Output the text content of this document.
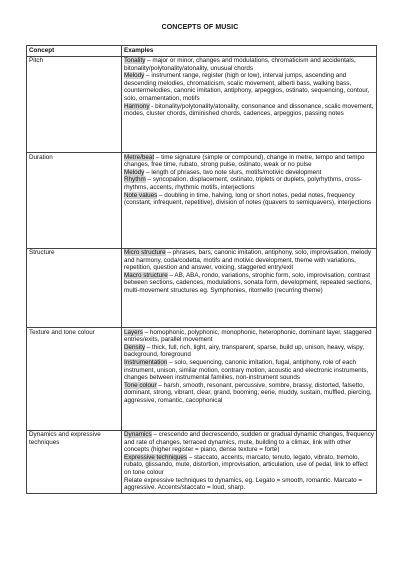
CONCEPTS OF MUSIC
Concept	Examples
Pitch	Tonality – major or minor, changes and modulations, chromaticism and accidentals, bitonality/polytonality/atonality, unusual chords
Melody – instrument range, register (high or low), interval jumps, ascending and descending melodies, chromaticism, scalic movement, alberti bass, walking bass, countermelodies, canonic imitation, antiphony, arpeggios, ostinato, sequencing, contour, solo, ornamentation, motifs
Harmony - bitonality/polytonality/atonality, consonance and dissonance, scalic movement, modes, cluster chords, diminished chords, cadences, arpeggios, passing notes

Duration	Metre/beat – time signature (simple or compound), change in metre, tempo and tempo changes, free time, rubato, strong pulse, ostinato, weak or no pulse
Melody – length of phrases, two note slurs, motifs/motivic development
Rhythm – syncopation, displacement, ostinato, triplets or duplets, polyrhythms, cross-rhythms, accents, rhythmic motifs, interjections
Note values – doubling in time, halving, long or short notes, pedal notes, frequency (constant, infrequent, repetitive), division of notes (quavers to semiquavers), interjections

Structure	Micro structure – phrases, bars, canonic imitation, antiphony, solo, improvisation, melody and harmony, coda/codetta, motifs and motivic development, theme with variations, repetition, question and answer, voicing, staggered entry/exit
Macro structure – AB, ABA, rondo, variations, strophic form, solo, improvisation, contrast between sections, cadences, modulations, sonata form, development, repeated sections, multi-movement structures eg. Symphonies, ritornello (recurring theme)

Texture and tone colour	Layers – homophonic, polyphonic, monophonic, heterophonic, dominant layer, staggered entries/exits, parallel movement
Density – thick, full, rich, light, airy, transparent, sparse, build up, unison, heavy, wispy, background, foreground
Instrumentation – solo, sequencing, canonic imitation, fugal, antiphony, role of each instrument, unison, similar motion, contrary motion, acoustic and electronic instruments, changes between instrumental families, non-instrument sounds
Tone colour – harsh, smooth, resonant, percussive, sombre, brassy, distorted, falsetto, dominant, strong, vibrant, clear, grand, booming, eerie, muddy, sustain, muffled, piercing, aggressive, romantic, cacophonical

Dynamics and expressive techniques	Dynamics – crescendo and decrescendo, sudden or gradual dynamic changes, frequency and rate of changes, terraced dynamics, mute, building to a climax, link with other concepts (higher register = piano, dense texture = forte)
Expressive techniques – staccato, accents, marcato, tenuto, legato, vibrato, tremolo, rubato, glissando, mute, distortion, improvisation, articulation, use of pedal, link to effect on tone colour
Relate expressive techniques to dynamics, eg. Legato = smooth, romantic. Marcato = aggressive. Accents/staccato = loud, sharp.
